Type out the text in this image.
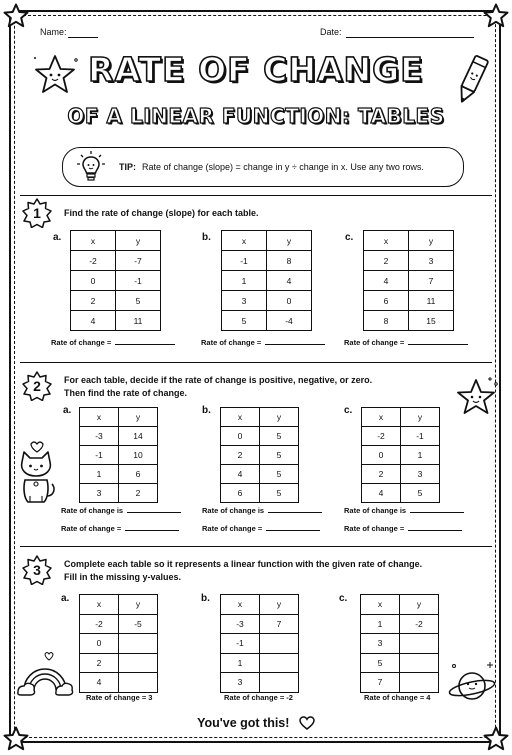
Name:	Date:
RATE OF CHANGE
OF A LINEAR FUNCTION: TABLES
TIP: Rate of change (slope) = change in y ÷ change in x. Use any two rows.
1	Find the rate of change (slope) for each table.
a.	x	y
-2	-7
0	-1
2	5
4	11
Rate of change =
b.	x	y
-1	8
1	4
3	0
5	-4
Rate of change =
c.	x	y
2	3
4	7
6	11
8	15
Rate of change =
2	For each table, decide if the rate of change is positive, negative, or zero.
Then find the rate of change.
a.
x	y
-3	14
-1	10
1	6
3	2
Rate of change is
Rate of change =
b.
x	y
0	5
2	5
4	5
6	5
Rate of change is
Rate of change =
c.
x	y
-2	-1
0	1
2	3
4	5
Rate of change is
Rate of change =
3	Complete each table so it represents a linear function with the given rate of change.
Fill in the missing y-values.
a.
x	y
-2	-5
0	
2	
4	
Rate of change = 3
b.
x	y
-3	7
-1	
1	
3	
Rate of change = -2
c.
x	y
1	-2
3	
5	
7	
Rate of change = 4
You've got this!
